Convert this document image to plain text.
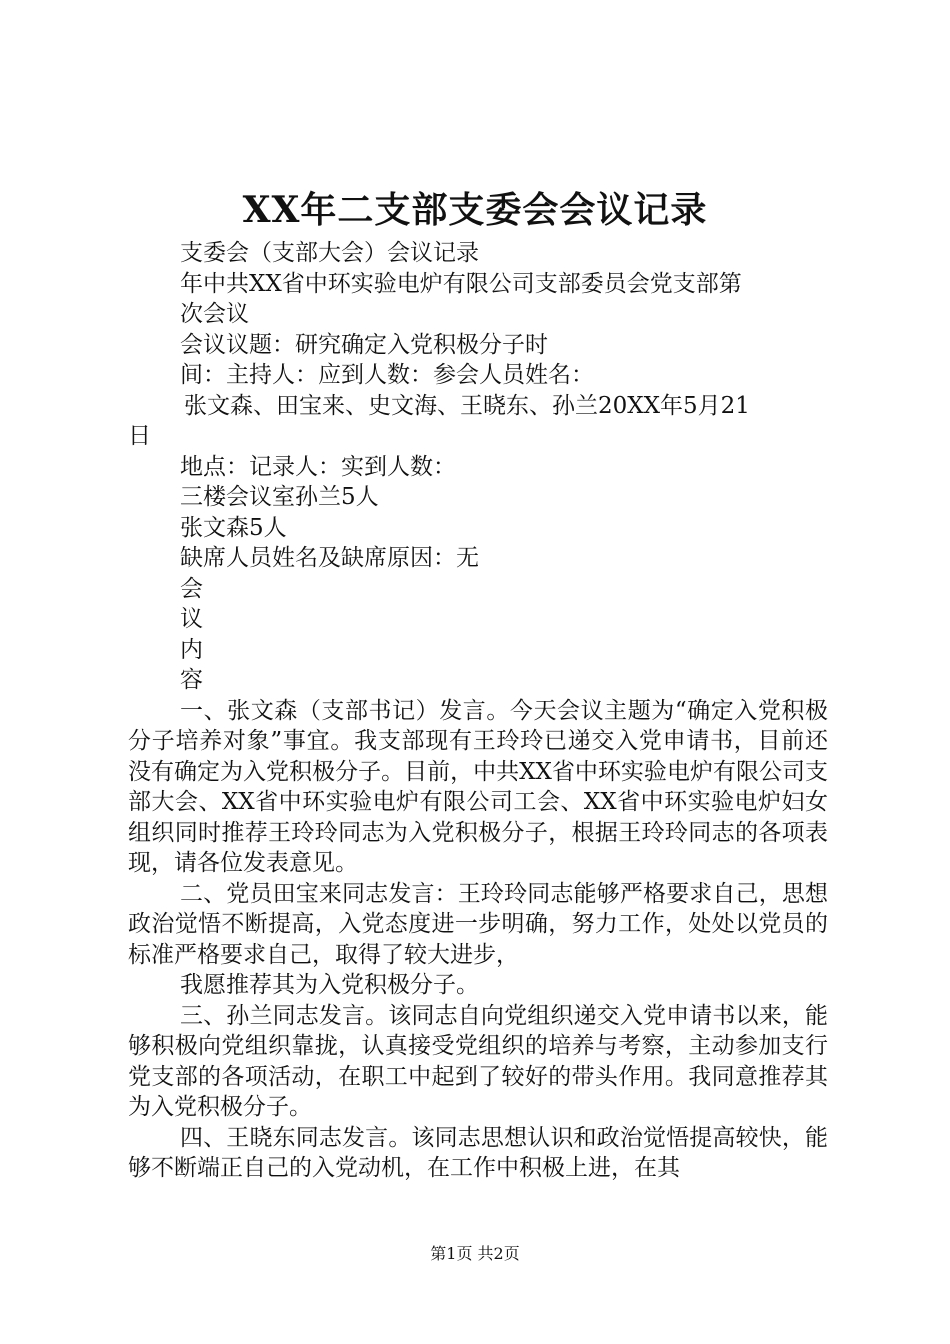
XX年二支部支委会会议记录

支委会（支部大会）会议记录

年中共XX省中环实验电炉有限公司支部委员会党支部第

次会议

会议议题：研究确定入党积极分子时

间：主持人：应到人数：参会人员姓名：

张文森、田宝来、史文海、王晓东、孙兰20XX年5月21

日

地点：记录人：实到人数：

三楼会议室孙兰5人

张文森5人

缺席人员姓名及缺席原因：无

会

议

内

容

一、张文森（支部书记）发言。今天会议主题为“确定入党积极分子培养对象”事宜。我支部现有王玲玲已递交入党申请书，目前还没有确定为入党积极分子。目前，中共XX省中环实验电炉有限公司支部大会、XX省中环实验电炉有限公司工会、XX省中环实验电炉妇女组织同时推荐王玲玲同志为入党积极分子，根据王玲玲同志的各项表现，请各位发表意见。

二、党员田宝来同志发言：王玲玲同志能够严格要求自己，思想政治觉悟不断提高，入党态度进一步明确，努力工作，处处以党员的标准严格要求自己，取得了较大进步，

我愿推荐其为入党积极分子。

三、孙兰同志发言。该同志自向党组织递交入党申请书以来，能够积极向党组织靠拢，认真接受党组织的培养与考察，主动参加支行党支部的各项活动，在职工中起到了较好的带头作用。我同意推荐其为入党积极分子。

四、王晓东同志发言。该同志思想认识和政治觉悟提高较快，能够不断端正自己的入党动机，在工作中积极上进，在其

第1页 共2页
